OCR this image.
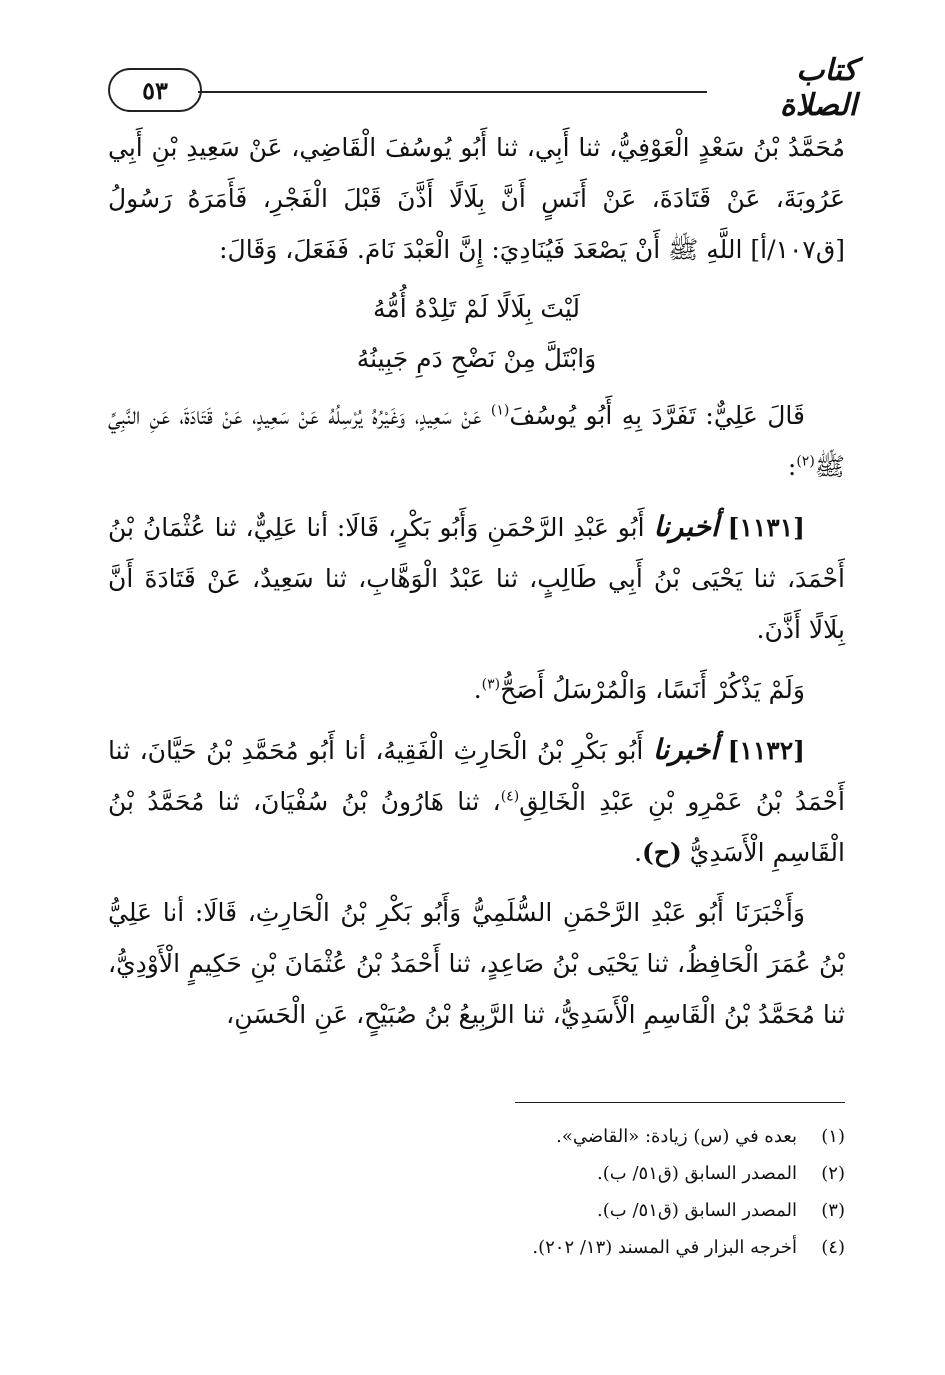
كتاب الصلاة
٥٣

مُحَمَّدُ بْنُ سَعْدٍ الْعَوْفِيُّ، ثنا أَبِي، ثنا أَبُو يُوسُفَ الْقَاضِي، عَنْ سَعِيدِ بْنِ أَبِي عَرُوبَةَ، عَنْ قَتَادَةَ، عَنْ أَنَسٍ أَنَّ بِلَالًا أَذَّنَ قَبْلَ الْفَجْرِ، فَأَمَرَهُ رَسُولُ [ق١٠٧/أ] اللَّهِ ﷺ أَنْ يَصْعَدَ فَيُنَادِيَ: إِنَّ الْعَبْدَ نَامَ. فَفَعَلَ، وَقَالَ:

لَيْتَ بِلَالًا لَمْ تَلِدْهُ أُمُّهُ

وَابْتَلَّ مِنْ نَضْحِ دَمِ جَبِينُهُ

قَالَ عَلِيٌّ: تَفَرَّدَ بِهِ أَبُو يُوسُفَ$^{(١)}$ عَنْ سَعِيدٍ، وَغَيْرُهُ يُرْسِلُهُ عَنْ سَعِيدٍ، عَنْ قَتَادَةَ، عَنِ النَّبِيِّ ﷺ$^{(٢)}$:

[١١٣١] أخبرنا أَبُو عَبْدِ الرَّحْمَنِ وَأَبُو بَكْرٍ، قَالَا: أنا عَلِيٌّ، ثنا عُثْمَانُ بْنُ أَحْمَدَ، ثنا يَحْيَى بْنُ أَبِي طَالِبٍ، ثنا عَبْدُ الْوَهَّابِ، ثنا سَعِيدٌ، عَنْ قَتَادَةَ أَنَّ بِلَالًا أَذَّنَ.

وَلَمْ يَذْكُرْ أَنَسًا، وَالْمُرْسَلُ أَصَحُّ$^{(٣)}$.

[١١٣٢] أخبرنا أَبُو بَكْرِ بْنُ الْحَارِثِ الْفَقِيهُ، أنا أَبُو مُحَمَّدِ بْنُ حَيَّانَ، ثنا أَحْمَدُ بْنُ عَمْرِو بْنِ عَبْدِ الْخَالِقِ$^{(٤)}$، ثنا هَارُونُ بْنُ سُفْيَانَ، ثنا مُحَمَّدُ بْنُ الْقَاسِمِ الْأَسَدِيُّ (ح).

وَأَخْبَرَنَا أَبُو عَبْدِ الرَّحْمَنِ السُّلَمِيُّ وَأَبُو بَكْرِ بْنُ الْحَارِثِ، قَالَا: أنا عَلِيُّ بْنُ عُمَرَ الْحَافِظُ، ثنا يَحْيَى بْنُ صَاعِدٍ، ثنا أَحْمَدُ بْنُ عُثْمَانَ بْنِ حَكِيمٍ الْأَوْدِيُّ، ثنا مُحَمَّدُ بْنُ الْقَاسِمِ الْأَسَدِيُّ، ثنا الرَّبِيعُ بْنُ صُبَيْحٍ، عَنِ الْحَسَنِ،

(١)
بعده في (س) زيادة: «القاضي».
(٢)
المصدر السابق (ق٥١/ ب).
(٣)
المصدر السابق (ق٥١/ ب).
(٤)
أخرجه البزار في المسند (١٣/ ٢٠٢).
